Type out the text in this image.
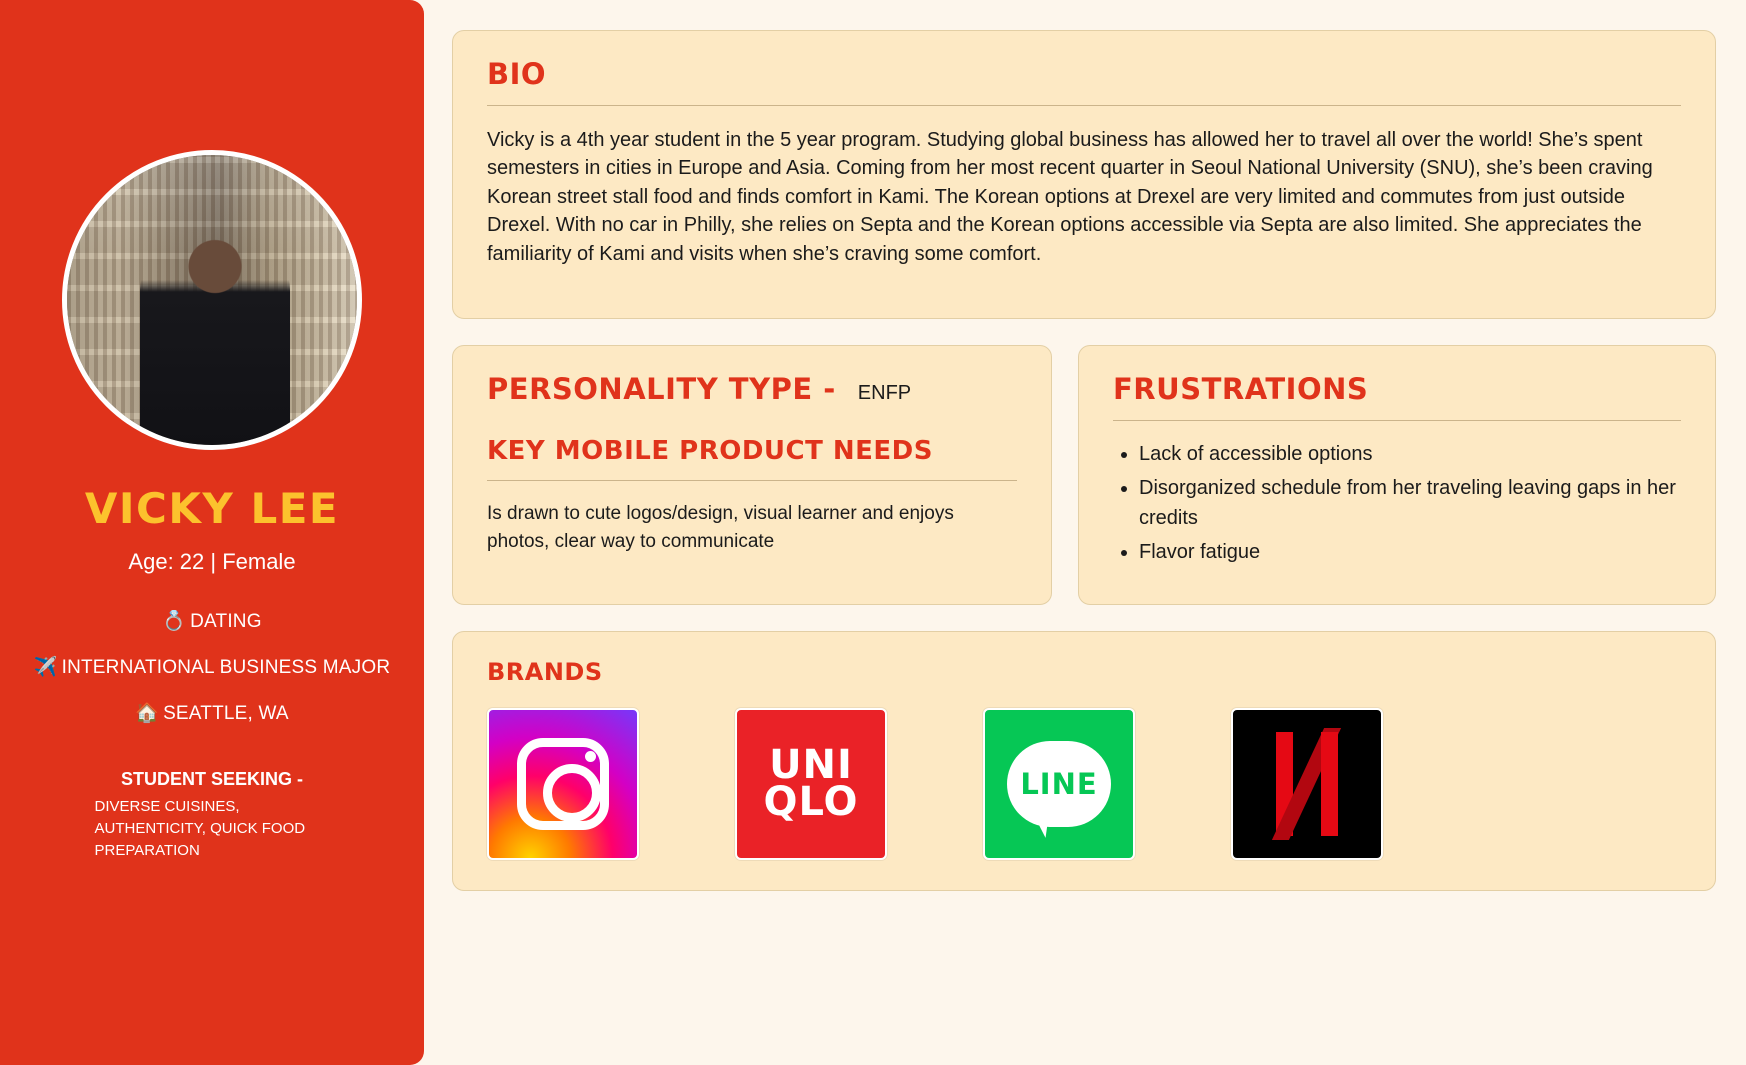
VICKY LEE
Age: 22 | Female
💍 DATING
✈️ INTERNATIONAL BUSINESS MAJOR
🏠 SEATTLE, WA
STUDENT SEEKING -
DIVERSE CUISINES, AUTHENTICITY, QUICK FOOD PREPARATION
BIO

Vicky is a 4th year student in the 5 year program. Studying global business has allowed her to travel all over the world! She’s spent semesters in cities in Europe and Asia. Coming from her most recent quarter in Seoul National University (SNU), she’s been craving Korean street stall food and finds comfort in Kami. The Korean options at Drexel are very limited and commutes from just outside Drexel. With no car in Philly, she relies on Septa and the Korean options accessible via Septa are also limited. She appreciates the familiarity of Kami and visits when she’s craving some comfort.

PERSONALITY TYPE - ENFP
KEY MOBILE PRODUCT NEEDS

Is drawn to cute logos/design, visual learner and enjoys photos, clear way to communicate

FRUSTRATIONS
• Lack of accessible options
• Disorganized schedule from her traveling leaving gaps in her credits
• Flavor fatigue
BRANDS
UNI
QLO	LINE
